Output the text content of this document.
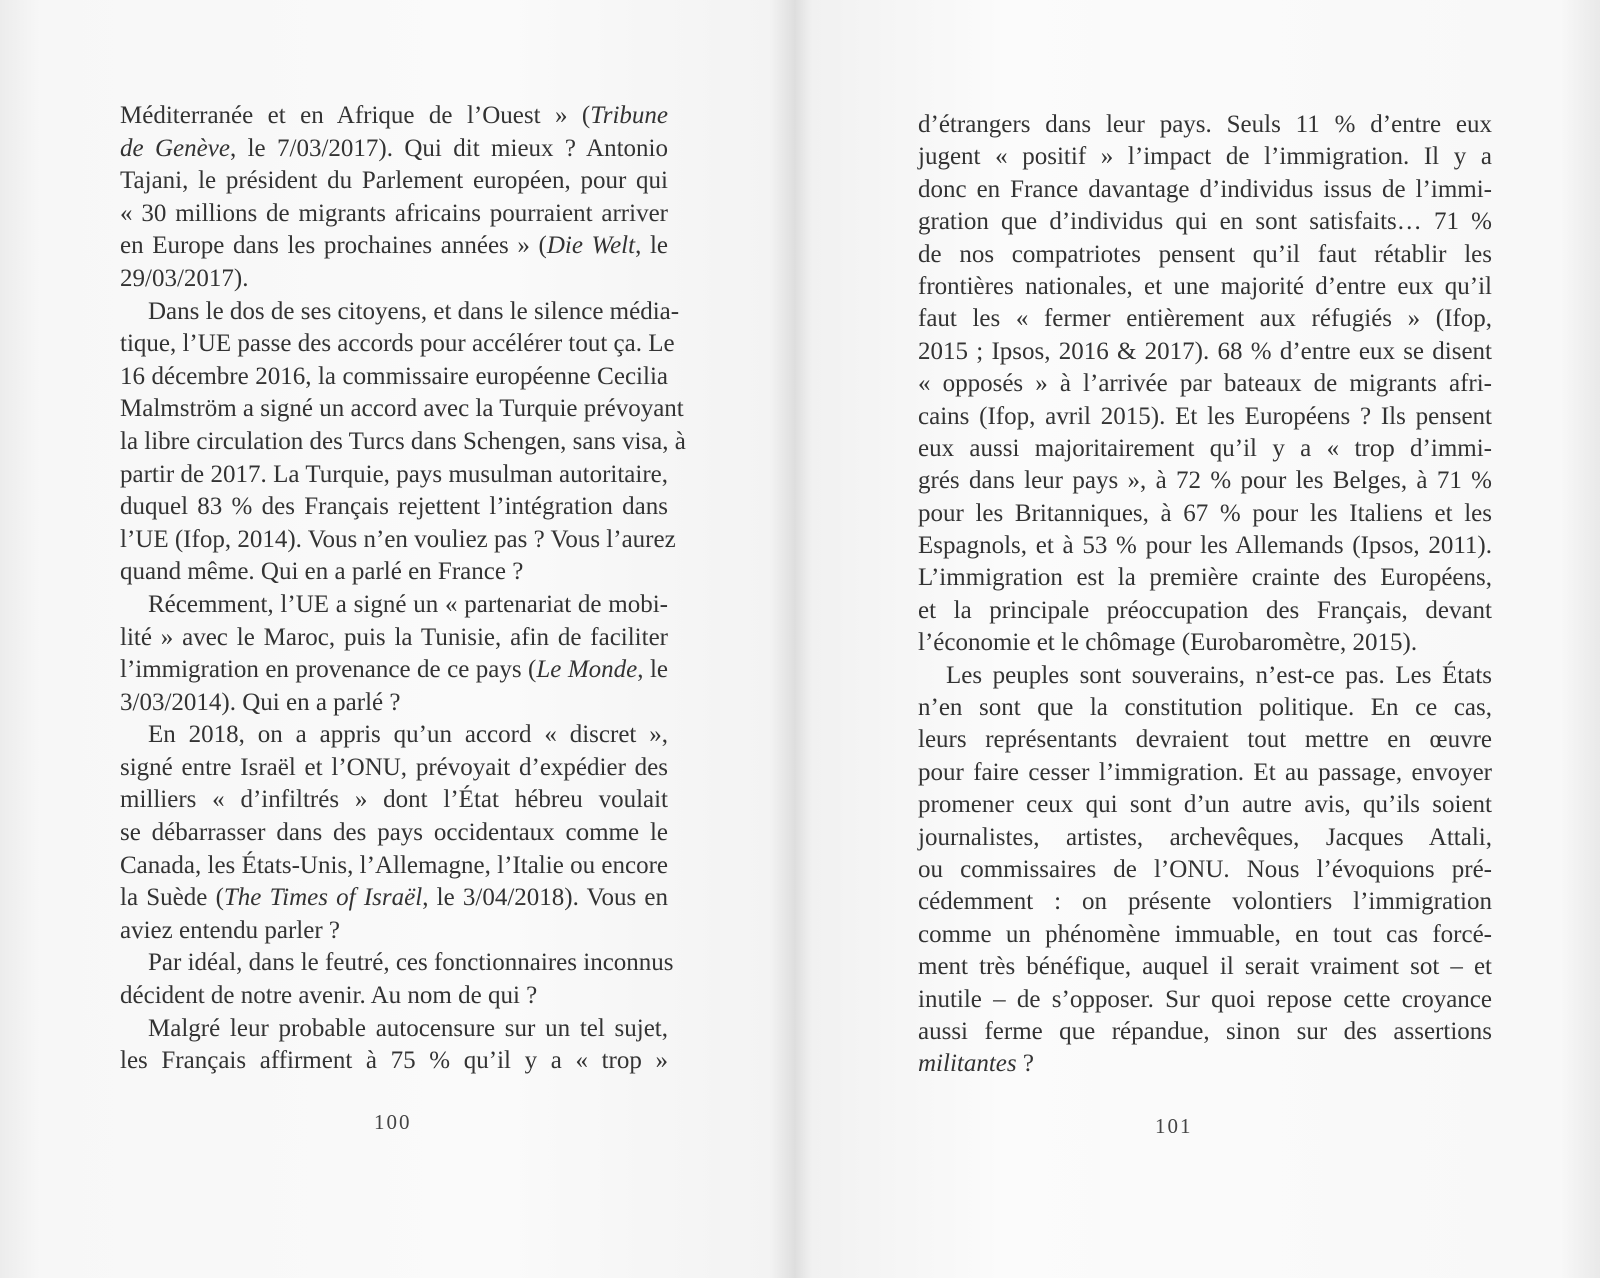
Méditerranée et en Afrique de l’Ouest » (Tribune
de Genève, le 7/03/2017). Qui dit mieux ? Antonio
Tajani, le président du Parlement européen, pour qui
« 30 millions de migrants africains pourraient arriver
en Europe dans les prochaines années » (Die Welt, le
29/03/2017).
Dans le dos de ses citoyens, et dans le silence média-
tique, l’UE passe des accords pour accélérer tout ça. Le
16 décembre 2016, la commissaire européenne Cecilia
Malmström a signé un accord avec la Turquie prévoyant
la libre circulation des Turcs dans Schengen, sans visa, à
partir de 2017. La Turquie, pays musulman autoritaire,
duquel 83 % des Français rejettent l’intégration dans
l’UE (Ifop, 2014). Vous n’en vouliez pas ? Vous l’aurez
quand même. Qui en a parlé en France ?
Récemment, l’UE a signé un « partenariat de mobi-
lité » avec le Maroc, puis la Tunisie, afin de faciliter
l’immigration en provenance de ce pays (Le Monde, le
3/03/2014). Qui en a parlé ?
En 2018, on a appris qu’un accord « discret »,
signé entre Israël et l’ONU, prévoyait d’expédier des
milliers « d’infiltrés » dont l’État hébreu voulait
se débarrasser dans des pays occidentaux comme le
Canada, les États-Unis, l’Allemagne, l’Italie ou encore
la Suède (The Times of Israël, le 3/04/2018). Vous en
aviez entendu parler ?
Par idéal, dans le feutré, ces fonctionnaires inconnus
décident de notre avenir. Au nom de qui ?
Malgré leur probable autocensure sur un tel sujet,
les Français affirment à 75 % qu’il y a « trop »
100
d’étrangers dans leur pays. Seuls 11 % d’entre eux
jugent « positif » l’impact de l’immigration. Il y a
donc en France davantage d’individus issus de l’immi-
gration que d’individus qui en sont satisfaits… 71 %
de nos compatriotes pensent qu’il faut rétablir les
frontières nationales, et une majorité d’entre eux qu’il
faut les « fermer entièrement aux réfugiés » (Ifop,
2015 ; Ipsos, 2016 & 2017). 68 % d’entre eux se disent
« opposés » à l’arrivée par bateaux de migrants afri-
cains (Ifop, avril 2015). Et les Européens ? Ils pensent
eux aussi majoritairement qu’il y a « trop d’immi-
grés dans leur pays », à 72 % pour les Belges, à 71 %
pour les Britanniques, à 67 % pour les Italiens et les
Espagnols, et à 53 % pour les Allemands (Ipsos, 2011).
L’immigration est la première crainte des Européens,
et la principale préoccupation des Français, devant
l’économie et le chômage (Eurobaromètre, 2015).
Les peuples sont souverains, n’est-ce pas. Les États
n’en sont que la constitution politique. En ce cas,
leurs représentants devraient tout mettre en œuvre
pour faire cesser l’immigration. Et au passage, envoyer
promener ceux qui sont d’un autre avis, qu’ils soient
journalistes, artistes, archevêques, Jacques Attali,
ou commissaires de l’ONU. Nous l’évoquions pré-
cédemment : on présente volontiers l’immigration
comme un phénomène immuable, en tout cas forcé-
ment très bénéfique, auquel il serait vraiment sot – et
inutile – de s’opposer. Sur quoi repose cette croyance
aussi ferme que répandue, sinon sur des assertions
militantes ?
101
